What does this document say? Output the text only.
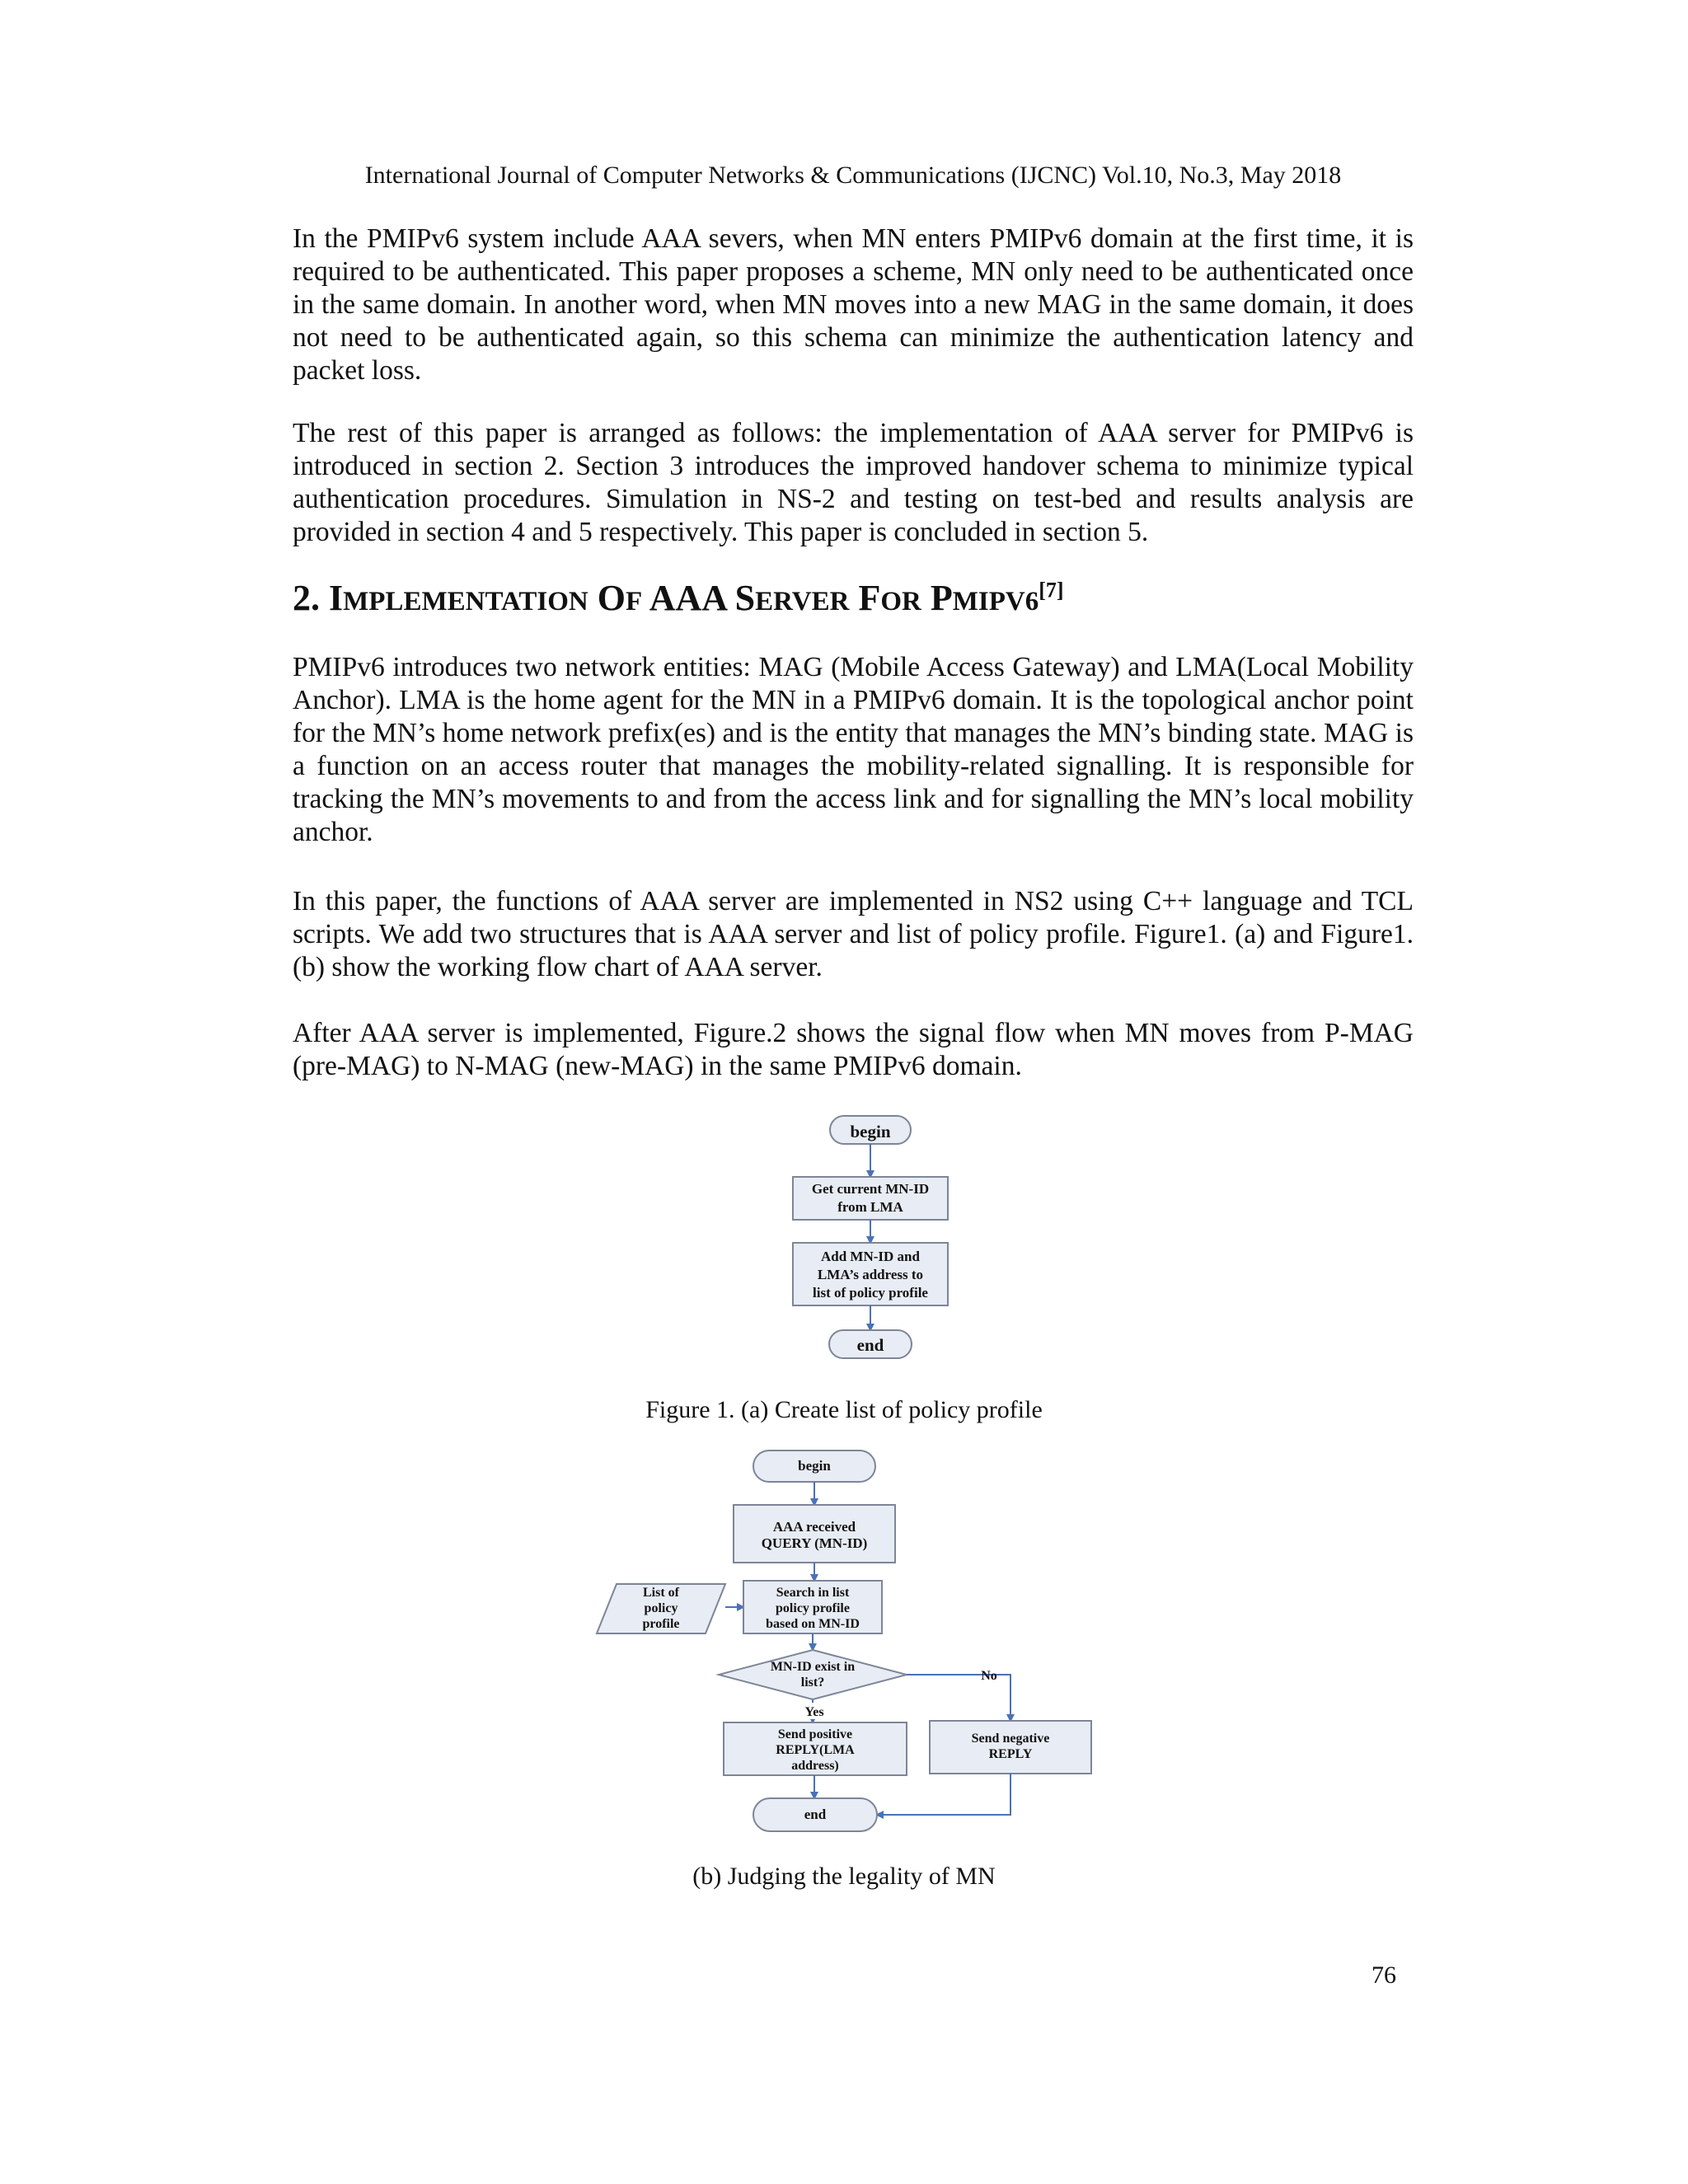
International Journal of Computer Networks & Communications (IJCNC) Vol.10, No.3, May 2018

In the PMIPv6 system include AAA severs, when MN enters PMIPv6 domain at the first time, it is required to be authenticated. This paper proposes a scheme, MN only need to be authenticated once in the same domain. In another word, when MN moves into a new MAG in the same domain, it does not need to be authenticated again, so this schema can minimize the authentication latency and packet loss.

The rest of this paper is arranged as follows: the implementation of AAA server for PMIPv6 is introduced in section 2. Section 3 introduces the improved handover schema to minimize typical authentication procedures. Simulation in NS-2 and testing on test-bed and results analysis are provided in section 4 and 5 respectively. This paper is concluded in section 5.

2. IMPLEMENTATION OF AAA SERVER FOR PMIPV6[7]

PMIPv6 introduces two network entities: MAG (Mobile Access Gateway) and LMA(Local Mobility Anchor). LMA is the home agent for the MN in a PMIPv6 domain. It is the topological anchor point for the MN’s home network prefix(es) and is the entity that manages the MN’s binding state. MAG is a function on an access router that manages the mobility-related signalling. It is responsible for tracking the MN’s movements to and from the access link and for signalling the MN’s local mobility anchor.

In this paper, the functions of AAA server are implemented in NS2 using C++ language and TCL scripts. We add two structures that is AAA server and list of policy profile. Figure1. (a) and Figure1. (b) show the working flow chart of AAA server.

After AAA server is implemented, Figure.2 shows the signal flow when MN moves from P-MAG (pre-MAG) to N-MAG (new-MAG) in the same PMIPv6 domain.

begin
Get current MN-ID
from LMA
Add MN-ID and
LMA’s address to
list of policy profile
end
begin
AAA received
QUERY (MN-ID)
List of
policy
profile
Search in list
policy profile
based on MN-ID
MN-ID exist in
list?	No
Yes
Send positive
REPLY(LMA
address)
Send negative
REPLY
end
Figure 1. (a) Create list of policy profile
(b) Judging the legality of MN
76
